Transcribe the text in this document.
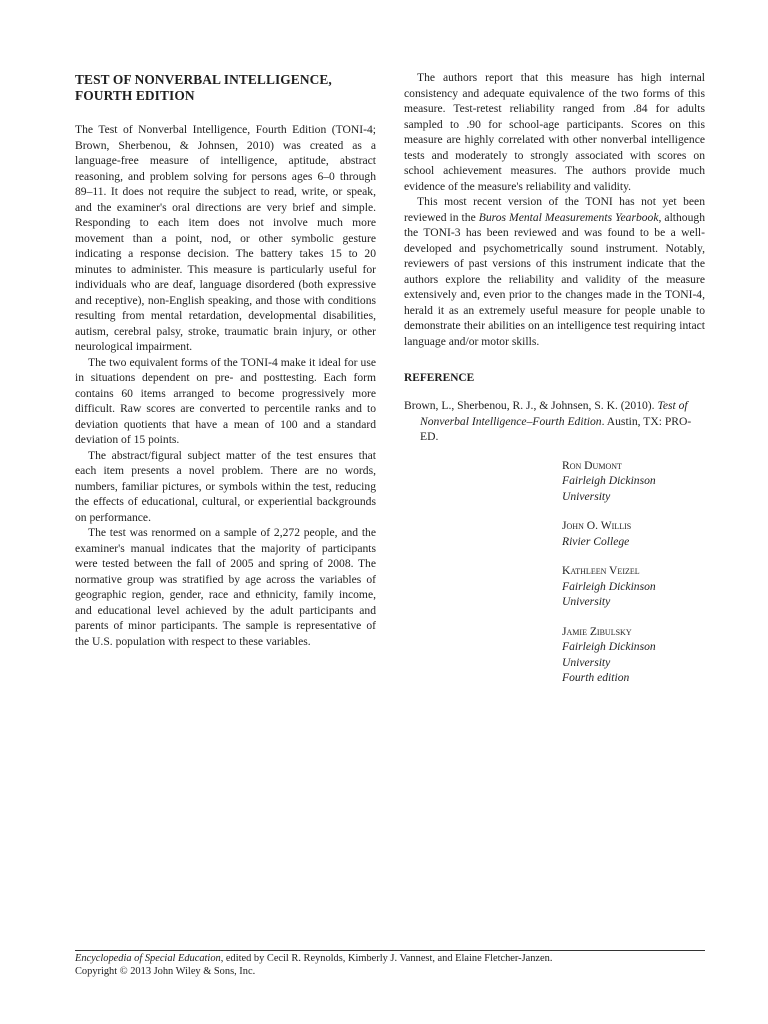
TEST OF NONVERBAL INTELLIGENCE,
FOURTH EDITION

The Test of Nonverbal Intelligence, Fourth Edition (TONI-4; Brown, Sherbenou, & Johnsen, 2010) was created as a language-free measure of intelligence, aptitude, abstract reasoning, and problem solving for persons ages 6–0 through 89–11. It does not require the subject to read, write, or speak, and the examiner's oral directions are very brief and simple. Responding to each item does not involve much more movement than a point, nod, or other symbolic gesture indicating a response decision. The battery takes 15 to 20 minutes to administer. This measure is particularly useful for individuals who are deaf, language disordered (both expressive and receptive), non-English speaking, and those with conditions resulting from mental retardation, developmental disabilities, autism, cerebral palsy, stroke, traumatic brain injury, or other neurological impairment.

The two equivalent forms of the TONI-4 make it ideal for use in situations dependent on pre- and posttesting. Each form contains 60 items arranged to become progressively more difficult. Raw scores are converted to percentile ranks and to deviation quotients that have a mean of 100 and a standard deviation of 15 points.

The abstract/figural subject matter of the test ensures that each item presents a novel problem. There are no words, numbers, familiar pictures, or symbols within the test, reducing the effects of educational, cultural, or experiential backgrounds on performance.

The test was renormed on a sample of 2,272 people, and the examiner's manual indicates that the majority of participants were tested between the fall of 2005 and spring of 2008. The normative group was stratified by age across the variables of geographic region, gender, race and ethnicity, family income, and educational level achieved by the adult participants and parents of minor participants. The sample is representative of the U.S. population with respect to these variables.

The authors report that this measure has high internal consistency and adequate equivalence of the two forms of this measure. Test-retest reliability ranged from .84 for adults sampled to .90 for school-age participants. Scores on this measure are highly correlated with other nonverbal intelligence tests and moderately to strongly associated with scores on school achievement measures. The authors provide much evidence of the measure's reliability and validity.

This most recent version of the TONI has not yet been reviewed in the Buros Mental Measurements Yearbook, although the TONI-3 has been reviewed and was found to be a well-developed and psychometrically sound instrument. Notably, reviewers of past versions of this instrument indicate that the authors explore the reliability and validity of the measure extensively and, even prior to the changes made in the TONI-4, herald it as an extremely useful measure for people unable to demonstrate their abilities on an intelligence test requiring intact language and/or motor skills.

REFERENCE

Brown, L., Sherbenou, R. J., & Johnsen, S. K. (2010). Test of Nonverbal Intelligence–Fourth Edition. Austin, TX: PRO-ED.

Ron Dumont
Fairleigh Dickinson University
John O. Willis
Rivier College
Kathleen Veizel
Fairleigh Dickinson University
Jamie Zibulsky
Fairleigh Dickinson University
Fourth edition
Encyclopedia of Special Education, edited by Cecil R. Reynolds, Kimberly J. Vannest, and Elaine Fletcher-Janzen.
Copyright © 2013 John Wiley & Sons, Inc.
